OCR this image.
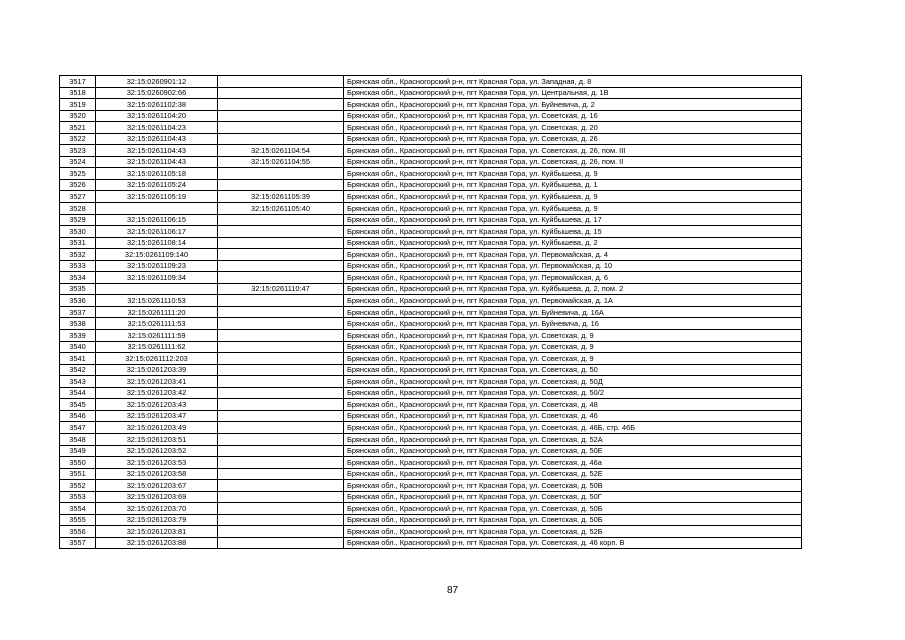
3517	32:15:0260901:12		Брянская обл., Красногорский р-н, пгт Красная Гора, ул. Западная, д. 8
3518	32:15:0260902:66		Брянская обл., Красногорский р-н, пгт Красная Гора, ул. Центральная, д. 1В
3519	32:15:0261102:38		Брянская обл., Красногорский р-н, пгт Красная Гора, ул. Буйневича, д. 2
3520	32:15:0261104:20		Брянская обл., Красногорский р-н, пгт Красная Гора, ул. Советская, д. 16
3521	32:15:0261104:23		Брянская обл., Красногорский р-н, пгт Красная Гора, ул. Советская, д. 20
3522	32:15:0261104:43		Брянская обл., Красногорский р-н, пгт Красная Гора, ул. Советская, д. 26
3523	32:15:0261104:43	32:15:0261104:54	Брянская обл., Красногорский р-н, пгт Красная Гора, ул. Советская, д. 26, пом. III
3524	32:15:0261104:43	32:15:0261104:55	Брянская обл., Красногорский р-н, пгт Красная Гора, ул. Советская, д. 26, пом. II
3525	32:15:0261105:18		Брянская обл., Красногорский р-н, пгт Красная Гора, ул. Куйбышева, д. 9
3526	32:15:0261105:24		Брянская обл., Красногорский р-н, пгт Красная Гора, ул. Куйбышева, д. 1
3527	32:15:0261105:19	32:15:0261105:39	Брянская обл., Красногорский р-н, пгт Красная Гора, ул. Куйбышева, д. 9
3528		32:15:0261105:40	Брянская обл., Красногорский р-н, пгт Красная Гора, ул. Куйбышева, д. 9
3529	32:15:0261106:15		Брянская обл., Красногорский р-н, пгт Красная Гора, ул. Куйбышева, д. 17
3530	32:15:0261106:17		Брянская обл., Красногорский р-н, пгт Красная Гора, ул. Куйбышева, д. 15
3531	32:15:0261108:14		Брянская обл., Красногорский р-н, пгт Красная Гора, ул. Куйбышева, д. 2
3532	32:15:0261109:140		Брянская обл., Красногорский р-н, пгт Красная Гора, ул. Первомайская, д. 4
3533	32:15:0261109:23		Брянская обл., Красногорский р-н, пгт Красная Гора, ул. Первомайская, д. 10
3534	32:15:0261109:34		Брянская обл., Красногорский р-н, пгт Красная Гора, ул. Первомайская, д. 6
3535		32:15:0261110:47	Брянская обл., Красногорский р-н, пгт Красная Гора, ул. Куйбышева, д. 2, пом. 2
3536	32:15:0261110:53		Брянская обл., Красногорский р-н, пгт Красная Гора, ул. Первомайская, д. 1А
3537	32:15:0261111:20		Брянская обл., Красногорский р-н, пгт Красная Гора, ул. Буйневича, д. 16А
3538	32:15:0261111:53		Брянская обл., Красногорский р-н, пгт Красная Гора, ул. Буйневича, д. 16
3539	32:15:0261111:59		Брянская обл., Красногорский р-н, пгт Красная Гора, ул. Советская, д. 9
3540	32:15:0261111:62		Брянская обл., Красногорский р-н, пгт Красная Гора, ул. Советская, д. 9
3541	32:15:0261112:203		Брянская обл., Красногорский р-н, пгт Красная Гора, ул. Советская, д. 9
3542	32:15:0261203:39		Брянская обл., Красногорский р-н, пгт Красная Гора, ул. Советская, д. 50
3543	32:15:0261203:41		Брянская обл., Красногорский р-н, пгт Красная Гора, ул. Советская, д. 50Д
3544	32:15:0261203:42		Брянская обл., Красногорский р-н, пгт Красная Гора, ул. Советская, д. 50/2
3545	32:15:0261203:43		Брянская обл., Красногорский р-н, пгт Красная Гора, ул. Советская, д. 48
3546	32:15:0261203:47		Брянская обл., Красногорский р-н, пгт Красная Гора, ул. Советская, д. 46
3547	32:15:0261203:49		Брянская обл., Красногорский р-н, пгт Красная Гора, ул. Советская, д. 46Б, стр. 46Б
3548	32:15:0261203:51		Брянская обл., Красногорский р-н, пгт Красная Гора, ул. Советская, д. 52А
3549	32:15:0261203:52		Брянская обл., Красногорский р-н, пгт Красная Гора, ул. Советская, д. 50Е
3550	32:15:0261203:53		Брянская обл., Красногорский р-н, пгт Красная Гора, ул. Советская, д. 46а
3551	32:15:0261203:58		Брянская обл., Красногорский р-н, пгт Красная Гора, ул. Советская, д. 52Е
3552	32:15:0261203:67		Брянская обл., Красногорский р-н, пгт Красная Гора, ул. Советская, д. 50В
3553	32:15:0261203:69		Брянская обл., Красногорский р-н, пгт Красная Гора, ул. Советская, д. 50Г
3554	32:15:0261203:70		Брянская обл., Красногорский р-н, пгт Красная Гора, ул. Советская, д. 50Б
3555	32:15:0261203:79		Брянская обл., Красногорский р-н, пгт Красная Гора, ул. Советская, д. 50Б
3556	32:15:0261203:81		Брянская обл., Красногорский р-н, пгт Красная Гора, ул. Советская, д. 52Б
3557	32:15:0261203:88		Брянская обл., Красногорский р-н, пгт Красная Гора, ул. Советская, д. 46 корп. В
87
